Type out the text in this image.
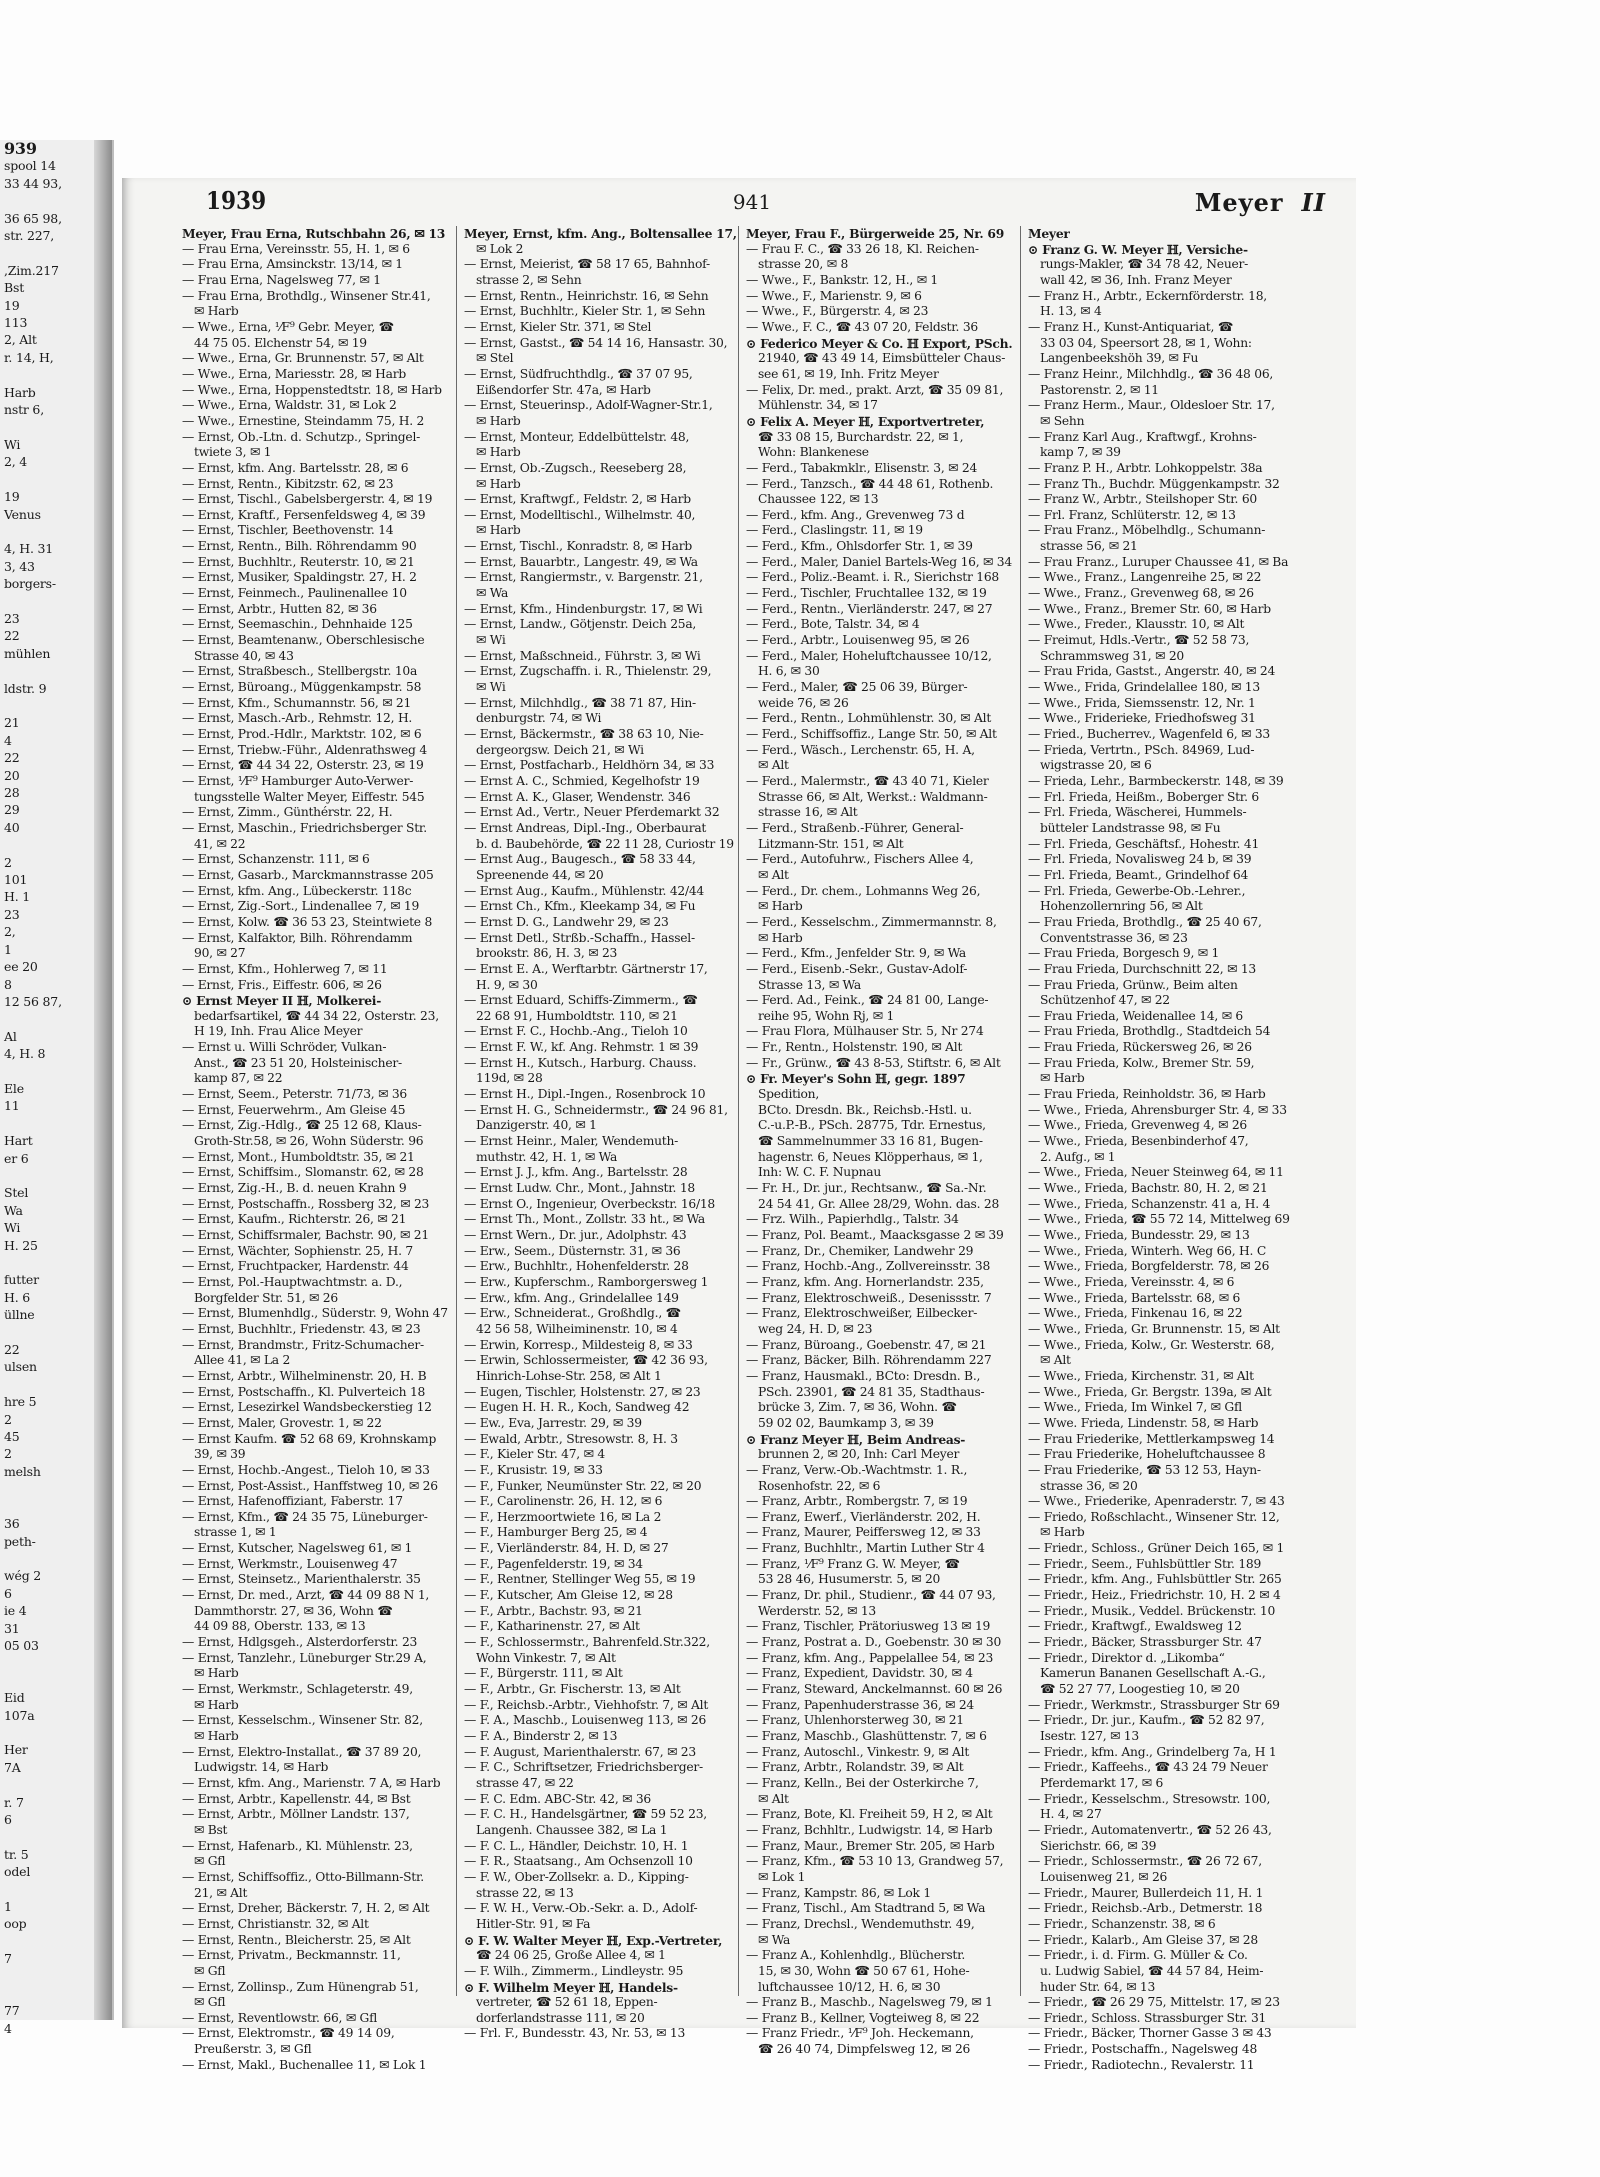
939
spool 14
33 44 93,

36 65 98,
str. 227,

,Zim.217
Bst
19
113
2, Alt
r. 14, H,

Harb
nstr 6,

Wi
2, 4

19
Venus

4, H. 31
3, 43
borgers-

23
22
mühlen

ldstr. 9

21
4
22
20
28
29
40

2
101
H. 1
23
2,
1
ee 20
8
12 56 87,

Al
4, H. 8

Ele
11

Hart
er 6

Stel
Wa
Wi
H. 25

futter
H. 6
üllne

22
ulsen

hre 5
2
45
2
melsh

36
peth-

wég 2
6
ie 4
31
05 03

Eid
107a

Her
7A

r. 7
6

tr. 5
odel

1
oop

7

77
4
1939	941	Meyer II
Meyer, Frau Erna, Rutschbahn 26, ✉ 13
— Frau Erna, Vereinsstr. 55, H. 1, ✉ 6
— Frau Erna, Amsinckstr. 13/14, ✉ 1
— Frau Erna, Nagelsweg 77, ✉ 1
— Frau Erna, Brothdlg., Winsener Str.41,
✉ Harb
— Wwe., Erna, ⅟F⁹ Gebr. Meyer, ☎
44 75 05. Elchenstr 54, ✉ 19
— Wwe., Erna, Gr. Brunnenstr. 57, ✉ Alt
— Wwe., Erna, Mariesstr. 28, ✉ Harb
— Wwe., Erna, Hoppenstedtstr. 18, ✉ Harb
— Wwe., Erna, Waldstr. 31, ✉ Lok 2
— Wwe., Ernestine, Steindamm 75, H. 2
— Ernst, Ob.-Ltn. d. Schutzp., Springel-
twiete 3, ✉ 1
— Ernst, kfm. Ang. Bartelsstr. 28, ✉ 6
— Ernst, Rentn., Kibitzstr. 62, ✉ 23
— Ernst, Tischl., Gabelsbergerstr. 4, ✉ 19
— Ernst, Kraftf., Fersenfeldsweg 4, ✉ 39
— Ernst, Tischler, Beethovenstr. 14
— Ernst, Rentn., Bilh. Röhrendamm 90
— Ernst, Buchhltr., Reuterstr. 10, ✉ 21
— Ernst, Musiker, Spaldingstr. 27, H. 2
— Ernst, Feinmech., Paulinenallee 10
— Ernst, Arbtr., Hutten 82, ✉ 36
— Ernst, Seemaschin., Dehnhaide 125
— Ernst, Beamtenanw., Oberschlesische
Strasse 40, ✉ 43
— Ernst, Straßbesch., Stellbergstr. 10a
— Ernst, Büroang., Müggenkampstr. 58
— Ernst, Kfm., Schumannstr. 56, ✉ 21
— Ernst, Masch.-Arb., Rehmstr. 12, H.
— Ernst, Prod.-Hdlr., Marktstr. 102, ✉ 6
— Ernst, Triebw.-Führ., Aldenrathsweg 4
— Ernst, ☎ 44 34 22, Osterstr. 23, ✉ 19
— Ernst, ⅟F⁹ Hamburger Auto-Verwer-
tungsstelle Walter Meyer, Eiffestr. 545
— Ernst, Zimm., Günthérstr. 22, H.
— Ernst, Maschin., Friedrichsberger Str.
41, ✉ 22
— Ernst, Schanzenstr. 111, ✉ 6
— Ernst, Gasarb., Marckmannstrasse 205
— Ernst, kfm. Ang., Lübeckerstr. 118c
— Ernst, Zig.-Sort., Lindenallee 7, ✉ 19
— Ernst, Kolw. ☎ 36 53 23, Steintwiete 8
— Ernst, Kalfaktor, Bilh. Röhrendamm
90, ✉ 27
— Ernst, Kfm., Hohlerweg 7, ✉ 11
— Ernst, Fris., Eiffestr. 606, ✉ 26
⊙ Ernst Meyer II ℍ, Molkerei-
bedarfsartikel, ☎ 44 34 22, Osterstr. 23,
H 19, Inh. Frau Alice Meyer
— Ernst u. Willi Schröder, Vulkan-
Anst., ☎ 23 51 20, Holsteinischer-
kamp 87, ✉ 22
— Ernst, Seem., Peterstr. 71/73, ✉ 36
— Ernst, Feuerwehrm., Am Gleise 45
— Ernst, Zig.-Hdlg., ☎ 25 12 68, Klaus-
Groth-Str.58, ✉ 26, Wohn Süderstr. 96
— Ernst, Mont., Humboldtstr. 35, ✉ 21
— Ernst, Schiffsim., Slomanstr. 62, ✉ 28
— Ernst, Zig.-H., B. d. neuen Krahn 9
— Ernst, Postschaffn., Rossberg 32, ✉ 23
— Ernst, Kaufm., Richterstr. 26, ✉ 21
— Ernst, Schiffsrmaler, Bachstr. 90, ✉ 21
— Ernst, Wächter, Sophienstr. 25, H. 7
— Ernst, Fruchtpacker, Hardenstr. 44
— Ernst, Pol.-Hauptwachtmstr. a. D.,
Borgfelder Str. 51, ✉ 26
— Ernst, Blumenhdlg., Süderstr. 9, Wohn 47
— Ernst, Buchhltr., Friedenstr. 43, ✉ 23
— Ernst, Brandmstr., Fritz-Schumacher-
Allee 41, ✉ La 2
— Ernst, Arbtr., Wilhelminenstr. 20, H. B
— Ernst, Postschaffn., Kl. Pulverteich 18
— Ernst, Lesezirkel Wandsbeckerstieg 12
— Ernst, Maler, Grovestr. 1, ✉ 22
— Ernst Kaufm. ☎ 52 68 69, Krohnskamp
39, ✉ 39
— Ernst, Hochb.-Angest., Tieloh 10, ✉ 33
— Ernst, Post-Assist., Hanffstweg 10, ✉ 26
— Ernst, Hafenoffiziant, Faberstr. 17
— Ernst, Kfm., ☎ 24 35 75, Lüneburger-
strasse 1, ✉ 1
— Ernst, Kutscher, Nagelsweg 61, ✉ 1
— Ernst, Werkmstr., Louisenweg 47
— Ernst, Steinsetz., Marienthalerstr. 35
— Ernst, Dr. med., Arzt, ☎ 44 09 88 N 1,
Dammthorstr. 27, ✉ 36, Wohn ☎
44 09 88, Oberstr. 133, ✉ 13
— Ernst, Hdlgsgeh., Alsterdorferstr. 23
— Ernst, Tanzlehr., Lüneburger Str.29 A,
✉ Harb
— Ernst, Werkmstr., Schlageterstr. 49,
✉ Harb
— Ernst, Kesselschm., Winsener Str. 82,
✉ Harb
— Ernst, Elektro-Installat., ☎ 37 89 20,
Ludwigstr. 14, ✉ Harb
— Ernst, kfm. Ang., Marienstr. 7 A, ✉ Harb
— Ernst, Arbtr., Kapellenstr. 44, ✉ Bst
— Ernst, Arbtr., Möllner Landstr. 137,
✉ Bst
— Ernst, Hafenarb., Kl. Mühlenstr. 23,
✉ Gfl
— Ernst, Schiffsoffiz., Otto-Billmann-Str.
21, ✉ Alt
— Ernst, Dreher, Bäckerstr. 7, H. 2, ✉ Alt
— Ernst, Christianstr. 32, ✉ Alt
— Ernst, Rentn., Bleicherstr. 25, ✉ Alt
— Ernst, Privatm., Beckmannstr. 11,
✉ Gfl
— Ernst, Zollinsp., Zum Hünengrab 51,
✉ Gfl
— Ernst, Reventlowstr. 66, ✉ Gfl
— Ernst, Elektromstr., ☎ 49 14 09,
Preußerstr. 3, ✉ Gfl
— Ernst, Makl., Buchenallee 11, ✉ Lok 1
Meyer, Ernst, kfm. Ang., Boltensallee 17,
✉ Lok 2
— Ernst, Meierist, ☎ 58 17 65, Bahnhof-
strasse 2, ✉ Sehn
— Ernst, Rentn., Heinrichstr. 16, ✉ Sehn
— Ernst, Buchhltr., Kieler Str. 1, ✉ Sehn
— Ernst, Kieler Str. 371, ✉ Stel
— Ernst, Gastst., ☎ 54 14 16, Hansastr. 30,
✉ Stel
— Ernst, Südfruchthdlg., ☎ 37 07 95,
Eißendorfer Str. 47a, ✉ Harb
— Ernst, Steuerinsp., Adolf-Wagner-Str.1,
✉ Harb
— Ernst, Monteur, Eddelbüttelstr. 48,
✉ Harb
— Ernst, Ob.-Zugsch., Reeseberg 28,
✉ Harb
— Ernst, Kraftwgf., Feldstr. 2, ✉ Harb
— Ernst, Modelltischl., Wilhelmstr. 40,
✉ Harb
— Ernst, Tischl., Konradstr. 8, ✉ Harb
— Ernst, Bauarbtr., Langestr. 49, ✉ Wa
— Ernst, Rangiermstr., v. Bargenstr. 21,
✉ Wa
— Ernst, Kfm., Hindenburgstr. 17, ✉ Wi
— Ernst, Landw., Götjenstr. Deich 25a,
✉ Wi
— Ernst, Maßschneid., Führstr. 3, ✉ Wi
— Ernst, Zugschaffn. i. R., Thielenstr. 29,
✉ Wi
— Ernst, Milchhdlg., ☎ 38 71 87, Hin-
denburgstr. 74, ✉ Wi
— Ernst, Bäckermstr., ☎ 38 63 10, Nie-
dergeorgsw. Deich 21, ✉ Wi
— Ernst, Postfacharb., Heldhörn 34, ✉ 33
— Ernst A. C., Schmied, Kegelhofstr 19
— Ernst A. K., Glaser, Wendenstr. 346
— Ernst Ad., Vertr., Neuer Pferdemarkt 32
— Ernst Andreas, Dipl.-Ing., Oberbaurat
b. d. Baubehörde, ☎ 22 11 28, Curiostr 19
— Ernst Aug., Baugesch., ☎ 58 33 44,
Spreenende 44, ✉ 20
— Ernst Aug., Kaufm., Mühlenstr. 42/44
— Ernst Ch., Kfm., Kleekamp 34, ✉ Fu
— Ernst D. G., Landwehr 29, ✉ 23
— Ernst Detl., Strßb.-Schaffn., Hassel-
brookstr. 86, H. 3, ✉ 23
— Ernst E. A., Werftarbtr. Gärtnerstr 17,
H. 9, ✉ 30
— Ernst Eduard, Schiffs-Zimmerm., ☎
22 68 91, Humboldtstr. 110, ✉ 21
— Ernst F. C., Hochb.-Ang., Tieloh 10
— Ernst F. W., kf. Ang. Rehmstr. 1 ✉ 39
— Ernst H., Kutsch., Harburg. Chauss.
119d, ✉ 28
— Ernst H., Dipl.-Ingen., Rosenbrock 10
— Ernst H. G., Schneidermstr., ☎ 24 96 81,
Danzigerstr. 40, ✉ 1
— Ernst Heinr., Maler, Wendemuth-
muthstr. 42, H. 1, ✉ Wa
— Ernst J. J., kfm. Ang., Bartelsstr. 28
— Ernst Ludw. Chr., Mont., Jahnstr. 18
— Ernst O., Ingenieur, Overbeckstr. 16/18
— Ernst Th., Mont., Zollstr. 33 ht., ✉ Wa
— Ernst Wern., Dr. jur., Adolphstr. 43
— Erw., Seem., Düsternstr. 31, ✉ 36
— Erw., Buchhltr., Hohenfelderstr. 28
— Erw., Kupferschm., Ramborgersweg 1
— Erw., kfm. Ang., Grindelallee 149
— Erw., Schneiderat., Großhdlg., ☎
42 56 58, Wilheiminenstr. 10, ✉ 4
— Erwin, Korresp., Mildesteig 8, ✉ 33
— Erwin, Schlossermeister, ☎ 42 36 93,
Hinrich-Lohse-Str. 258, ✉ Alt 1
— Eugen, Tischler, Holstenstr. 27, ✉ 23
— Eugen H. H. R., Koch, Sandweg 42
— Ew., Eva, Jarrestr. 29, ✉ 39
— Ewald, Arbtr., Stresowstr. 8, H. 3
— F., Kieler Str. 47, ✉ 4
— F., Krusistr. 19, ✉ 33
— F., Funker, Neumünster Str. 22, ✉ 20
— F., Carolinenstr. 26, H. 12, ✉ 6
— F., Herzmoortwiete 16, ✉ La 2
— F., Hamburger Berg 25, ✉ 4
— F., Vierländerstr. 84, H. D, ✉ 27
— F., Pagenfelderstr. 19, ✉ 34
— F., Rentner, Stellinger Weg 55, ✉ 19
— F., Kutscher, Am Gleise 12, ✉ 28
— F., Arbtr., Bachstr. 93, ✉ 21
— F., Katharinenstr. 27, ✉ Alt
— F., Schlossermstr., Bahrenfeld.Str.322,
Wohn Vinkestr. 7, ✉ Alt
— F., Bürgerstr. 111, ✉ Alt
— F., Arbtr., Gr. Fischerstr. 13, ✉ Alt
— F., Reichsb.-Arbtr., Viehhofstr. 7, ✉ Alt
— F. A., Maschb., Louisenweg 113, ✉ 26
— F. A., Binderstr 2, ✉ 13
— F. August, Marienthalerstr. 67, ✉ 23
— F. C., Schriftsetzer, Friedrichsberger-
strasse 47, ✉ 22
— F. C. Edm. ABC-Str. 42, ✉ 36
— F. C. H., Handelsgärtner, ☎ 59 52 23,
Langenh. Chaussee 382, ✉ La 1
— F. C. L., Händler, Deichstr. 10, H. 1
— F. R., Staatsang., Am Ochsenzoll 10
— F. W., Ober-Zollsekr. a. D., Kipping-
strasse 22, ✉ 13
— F. W. H., Verw.-Ob.-Sekr. a. D., Adolf-
Hitler-Str. 91, ✉ Fa
⊙ F. W. Walter Meyer ℍ, Exp.-Vertreter,
☎ 24 06 25, Große Allee 4, ✉ 1
— F. Wilh., Zimmerm., Lindleystr. 95
⊙ F. Wilhelm Meyer ℍ, Handels-
vertreter, ☎ 52 61 18, Eppen-
dorferlandstrasse 111, ✉ 20
— Frl. F., Bundesstr. 43, Nr. 53, ✉ 13
Meyer, Frau F., Bürgerweide 25, Nr. 69
— Frau F. C., ☎ 33 26 18, Kl. Reichen-
strasse 20, ✉ 8
— Wwe., F., Bankstr. 12, H., ✉ 1
— Wwe., F., Marienstr. 9, ✉ 6
— Wwe., F., Bürgerstr. 4, ✉ 23
— Wwe., F. C., ☎ 43 07 20, Feldstr. 36
⊙ Federico Meyer & Co. ℍ Export, PSch.
21940, ☎ 43 49 14, Eimsbütteler Chaus-
see 61, ✉ 19, Inh. Fritz Meyer
— Felix, Dr. med., prakt. Arzt, ☎ 35 09 81,
Mühlenstr. 34, ✉ 17
⊙ Felix A. Meyer ℍ, Exportvertreter,
☎ 33 08 15, Burchardstr. 22, ✉ 1,
Wohn: Blankenese
— Ferd., Tabakmklr., Elisenstr. 3, ✉ 24
— Ferd., Tanzsch., ☎ 44 48 61, Rothenb.
Chaussee 122, ✉ 13
— Ferd., kfm. Ang., Grevenweg 73 d
— Ferd., Claslingstr. 11, ✉ 19
— Ferd., Kfm., Ohlsdorfer Str. 1, ✉ 39
— Ferd., Maler, Daniel Bartels-Weg 16, ✉ 34
— Ferd., Poliz.-Beamt. i. R., Sierichstr 168
— Ferd., Tischler, Fruchtallee 132, ✉ 19
— Ferd., Rentn., Vierländerstr. 247, ✉ 27
— Ferd., Bote, Talstr. 34, ✉ 4
— Ferd., Arbtr., Louisenweg 95, ✉ 26
— Ferd., Maler, Hoheluftchaussee 10/12,
H. 6, ✉ 30
— Ferd., Maler, ☎ 25 06 39, Bürger-
weide 76, ✉ 26
— Ferd., Rentn., Lohmühlenstr. 30, ✉ Alt
— Ferd., Schiffsoffiz., Lange Str. 50, ✉ Alt
— Ferd., Wäsch., Lerchenstr. 65, H. A,
✉ Alt
— Ferd., Malermstr., ☎ 43 40 71, Kieler
Strasse 66, ✉ Alt, Werkst.: Waldmann-
strasse 16, ✉ Alt
— Ferd., Straßenb.-Führer, General-
Litzmann-Str. 151, ✉ Alt
— Ferd., Autofuhrw., Fischers Allee 4,
✉ Alt
— Ferd., Dr. chem., Lohmanns Weg 26,
✉ Harb
— Ferd., Kesselschm., Zimmermannstr. 8,
✉ Harb
— Ferd., Kfm., Jenfelder Str. 9, ✉ Wa
— Ferd., Eisenb.-Sekr., Gustav-Adolf-
Strasse 13, ✉ Wa
— Ferd. Ad., Feink., ☎ 24 81 00, Lange-
reihe 95, Wohn Rj, ✉ 1
— Frau Flora, Mülhauser Str. 5, Nr 274
— Fr., Rentn., Holstenstr. 190, ✉ Alt
— Fr., Grünw., ☎ 43 8-53, Stiftstr. 6, ✉ Alt
⊙ Fr. Meyer's Sohn ℍ, gegr. 1897
Spedition,
BCto. Dresdn. Bk., Reichsb.-Hstl. u.
C.-u.P.-B., PSch. 28775, Tdr. Ernestus,
☎ Sammelnummer 33 16 81, Bugen-
hagenstr. 6, Neues Klöpperhaus, ✉ 1,
Inh: W. C. F. Nupnau
— Fr. H., Dr. jur., Rechtsanw., ☎ Sa.-Nr.
24 54 41, Gr. Allee 28/29, Wohn. das. 28
— Frz. Wilh., Papierhdlg., Talstr. 34
— Franz, Pol. Beamt., Maacksgasse 2 ✉ 39
— Franz, Dr., Chemiker, Landwehr 29
— Franz, Hochb.-Ang., Zollvereinsstr. 38
— Franz, kfm. Ang. Hornerlandstr. 235,
— Franz, Elektroschweiß., Desenissstr. 7
— Franz, Elektroschweißer, Eilbecker-
weg 24, H. D, ✉ 23
— Franz, Büroang., Goebenstr. 47, ✉ 21
— Franz, Bäcker, Bilh. Röhrendamm 227
— Franz, Hausmakl., BCto: Dresdn. B.,
PSch. 23901, ☎ 24 81 35, Stadthaus-
brücke 3, Zim. 7, ✉ 36, Wohn. ☎
59 02 02, Baumkamp 3, ✉ 39
⊙ Franz Meyer ℍ, Beim Andreas-
brunnen 2, ✉ 20, Inh: Carl Meyer
— Franz, Verw.-Ob.-Wachtmstr. 1. R.,
Rosenhofstr. 22, ✉ 6
— Franz, Arbtr., Rombergstr. 7, ✉ 19
— Franz, Ewerf., Vierländerstr. 202, H.
— Franz, Maurer, Peiffersweg 12, ✉ 33
— Franz, Buchhltr., Martin Luther Str 4
— Franz, ⅟F⁹ Franz G. W. Meyer, ☎
53 28 46, Husumerstr. 5, ✉ 20
— Franz, Dr. phil., Studienr., ☎ 44 07 93,
Werderstr. 52, ✉ 13
— Franz, Tischler, Prätoriusweg 13 ✉ 19
— Franz, Postrat a. D., Goebenstr. 30 ✉ 30
— Franz, kfm. Ang., Pappelallee 54, ✉ 23
— Franz, Expedient, Davidstr. 30, ✉ 4
— Franz, Steward, Anckelmannst. 60 ✉ 26
— Franz, Papenhuderstrasse 36, ✉ 24
— Franz, Uhlenhorsterweg 30, ✉ 21
— Franz, Maschb., Glashüttenstr. 7, ✉ 6
— Franz, Autoschl., Vinkestr. 9, ✉ Alt
— Franz, Arbtr., Rolandstr. 39, ✉ Alt
— Franz, Kelln., Bei der Osterkirche 7,
✉ Alt
— Franz, Bote, Kl. Freiheit 59, H 2, ✉ Alt
— Franz, Bchhltr., Ludwigstr. 14, ✉ Harb
— Franz, Maur., Bremer Str. 205, ✉ Harb
— Franz, Kfm., ☎ 53 10 13, Grandweg 57,
✉ Lok 1
— Franz, Kampstr. 86, ✉ Lok 1
— Franz, Tischl., Am Stadtrand 5, ✉ Wa
— Franz, Drechsl., Wendemuthstr. 49,
✉ Wa
— Franz A., Kohlenhdlg., Blücherstr.
15, ✉ 30, Wohn ☎ 50 67 61, Hohe-
luftchaussee 10/12, H. 6, ✉ 30
— Franz B., Maschb., Nagelsweg 79, ✉ 1
— Franz B., Kellner, Vogteiweg 8, ✉ 22
— Franz Friedr., ⅟F⁹ Joh. Heckemann,
☎ 26 40 74, Dimpfelsweg 12, ✉ 26
Meyer
⊙ Franz G. W. Meyer ℍ, Versiche-
rungs-Makler, ☎ 34 78 42, Neuer-
wall 42, ✉ 36, Inh. Franz Meyer
— Franz H., Arbtr., Eckernförderstr. 18,
H. 13, ✉ 4
— Franz H., Kunst-Antiquariat, ☎
33 03 04, Speersort 28, ✉ 1, Wohn:
Langenbeekshöh 39, ✉ Fu
— Franz Heinr., Milchhdlg., ☎ 36 48 06,
Pastorenstr. 2, ✉ 11
— Franz Herm., Maur., Oldesloer Str. 17,
✉ Sehn
— Franz Karl Aug., Kraftwgf., Krohns-
kamp 7, ✉ 39
— Franz P. H., Arbtr. Lohkoppelstr. 38a
— Franz Th., Buchdr. Müggenkampstr. 32
— Franz W., Arbtr., Steilshoper Str. 60
— Frl. Franz, Schlüterstr. 12, ✉ 13
— Frau Franz., Möbelhdlg., Schumann-
strasse 56, ✉ 21
— Frau Franz., Luruper Chaussee 41, ✉ Ba
— Wwe., Franz., Langenreihe 25, ✉ 22
— Wwe., Franz., Grevenweg 68, ✉ 26
— Wwe., Franz., Bremer Str. 60, ✉ Harb
— Wwe., Freder., Klausstr. 10, ✉ Alt
— Freimut, Hdls.-Vertr., ☎ 52 58 73,
Schrammsweg 31, ✉ 20
— Frau Frida, Gastst., Angerstr. 40, ✉ 24
— Wwe., Frida, Grindelallee 180, ✉ 13
— Wwe., Frida, Siemssenstr. 12, Nr. 1
— Wwe., Friderieke, Friedhofsweg 31
— Fried., Bucherrev., Wagenfeld 6, ✉ 33
— Frieda, Vertrtn., PSch. 84969, Lud-
wigstrasse 20, ✉ 6
— Frieda, Lehr., Barmbeckerstr. 148, ✉ 39
— Frl. Frieda, Heißm., Boberger Str. 6
— Frl. Frieda, Wäscherei, Hummels-
bütteler Landstrasse 98, ✉ Fu
— Frl. Frieda, Geschäftsf., Hohestr. 41
— Frl. Frieda, Novalisweg 24 b, ✉ 39
— Frl. Frieda, Beamt., Grindelhof 64
— Frl. Frieda, Gewerbe-Ob.-Lehrer.,
Hohenzollernring 56, ✉ Alt
— Frau Frieda, Brothdlg., ☎ 25 40 67,
Conventstrasse 36, ✉ 23
— Frau Frieda, Borgesch 9, ✉ 1
— Frau Frieda, Durchschnitt 22, ✉ 13
— Frau Frieda, Grünw., Beim alten
Schützenhof 47, ✉ 22
— Frau Frieda, Weidenallee 14, ✉ 6
— Frau Frieda, Brothdlg., Stadtdeich 54
— Frau Frieda, Rückersweg 26, ✉ 26
— Frau Frieda, Kolw., Bremer Str. 59,
✉ Harb
— Frau Frieda, Reinholdstr. 36, ✉ Harb
— Wwe., Frieda, Ahrensburger Str. 4, ✉ 33
— Wwe., Frieda, Grevenweg 4, ✉ 26
— Wwe., Frieda, Besenbinderhof 47,
2. Aufg., ✉ 1
— Wwe., Frieda, Neuer Steinweg 64, ✉ 11
— Wwe., Frieda, Bachstr. 80, H. 2, ✉ 21
— Wwe., Frieda, Schanzenstr. 41 a, H. 4
— Wwe., Frieda, ☎ 55 72 14, Mittelweg 69
— Wwe., Frieda, Bundesstr. 29, ✉ 13
— Wwe., Frieda, Winterh. Weg 66, H. C
— Wwe., Frieda, Borgfelderstr. 78, ✉ 26
— Wwe., Frieda, Vereinsstr. 4, ✉ 6
— Wwe., Frieda, Bartelsstr. 68, ✉ 6
— Wwe., Frieda, Finkenau 16, ✉ 22
— Wwe., Frieda, Gr. Brunnenstr. 15, ✉ Alt
— Wwe., Frieda, Kolw., Gr. Westerstr. 68,
✉ Alt
— Wwe., Frieda, Kirchenstr. 31, ✉ Alt
— Wwe., Frieda, Gr. Bergstr. 139a, ✉ Alt
— Wwe., Frieda, Im Winkel 7, ✉ Gfl
— Wwe. Frieda, Lindenstr. 58, ✉ Harb
— Frau Friederike, Mettlerkampsweg 14
— Frau Friederike, Hoheluftchaussee 8
— Frau Friederike, ☎ 53 12 53, Hayn-
strasse 36, ✉ 20
— Wwe., Friederike, Apenraderstr. 7, ✉ 43
— Friedo, Roßschlacht., Winsener Str. 12,
✉ Harb
— Friedr., Schloss., Grüner Deich 165, ✉ 1
— Friedr., Seem., Fuhlsbüttler Str. 189
— Friedr., kfm. Ang., Fuhlsbüttler Str. 265
— Friedr., Heiz., Friedrichstr. 10, H. 2 ✉ 4
— Friedr., Musik., Veddel. Brückenstr. 10
— Friedr., Kraftwgf., Ewaldsweg 12
— Friedr., Bäcker, Strassburger Str. 47
— Friedr., Direktor d. „Likomba“
Kamerun Bananen Gesellschaft A.-G.,
☎ 52 27 77, Loogestieg 10, ✉ 20
— Friedr., Werkmstr., Strassburger Str 69
— Friedr., Dr. jur., Kaufm., ☎ 52 82 97,
Isestr. 127, ✉ 13
— Friedr., kfm. Ang., Grindelberg 7a, H 1
— Friedr., Kaffeehs., ☎ 43 24 79 Neuer
Pferdemarkt 17, ✉ 6
— Friedr., Kesselschm., Stresowstr. 100,
H. 4, ✉ 27
— Friedr., Automatenvertr., ☎ 52 26 43,
Sierichstr. 66, ✉ 39
— Friedr., Schlossermstr., ☎ 26 72 67,
Louisenweg 21, ✉ 26
— Friedr., Maurer, Bullerdeich 11, H. 1
— Friedr., Reichsb.-Arb., Detmerstr. 18
— Friedr., Schanzenstr. 38, ✉ 6
— Friedr., Kalarb., Am Gleise 37, ✉ 28
— Friedr., i. d. Firm. G. Müller & Co.
u. Ludwig Sabiel, ☎ 44 57 84, Heim-
huder Str. 64, ✉ 13
— Friedr., ☎ 26 29 75, Mittelstr. 17, ✉ 23
— Friedr., Schloss. Strassburger Str. 31
— Friedr., Bäcker, Thorner Gasse 3 ✉ 43
— Friedr., Postschaffn., Nagelsweg 48
— Friedr., Radiotechn., Revalerstr. 11
